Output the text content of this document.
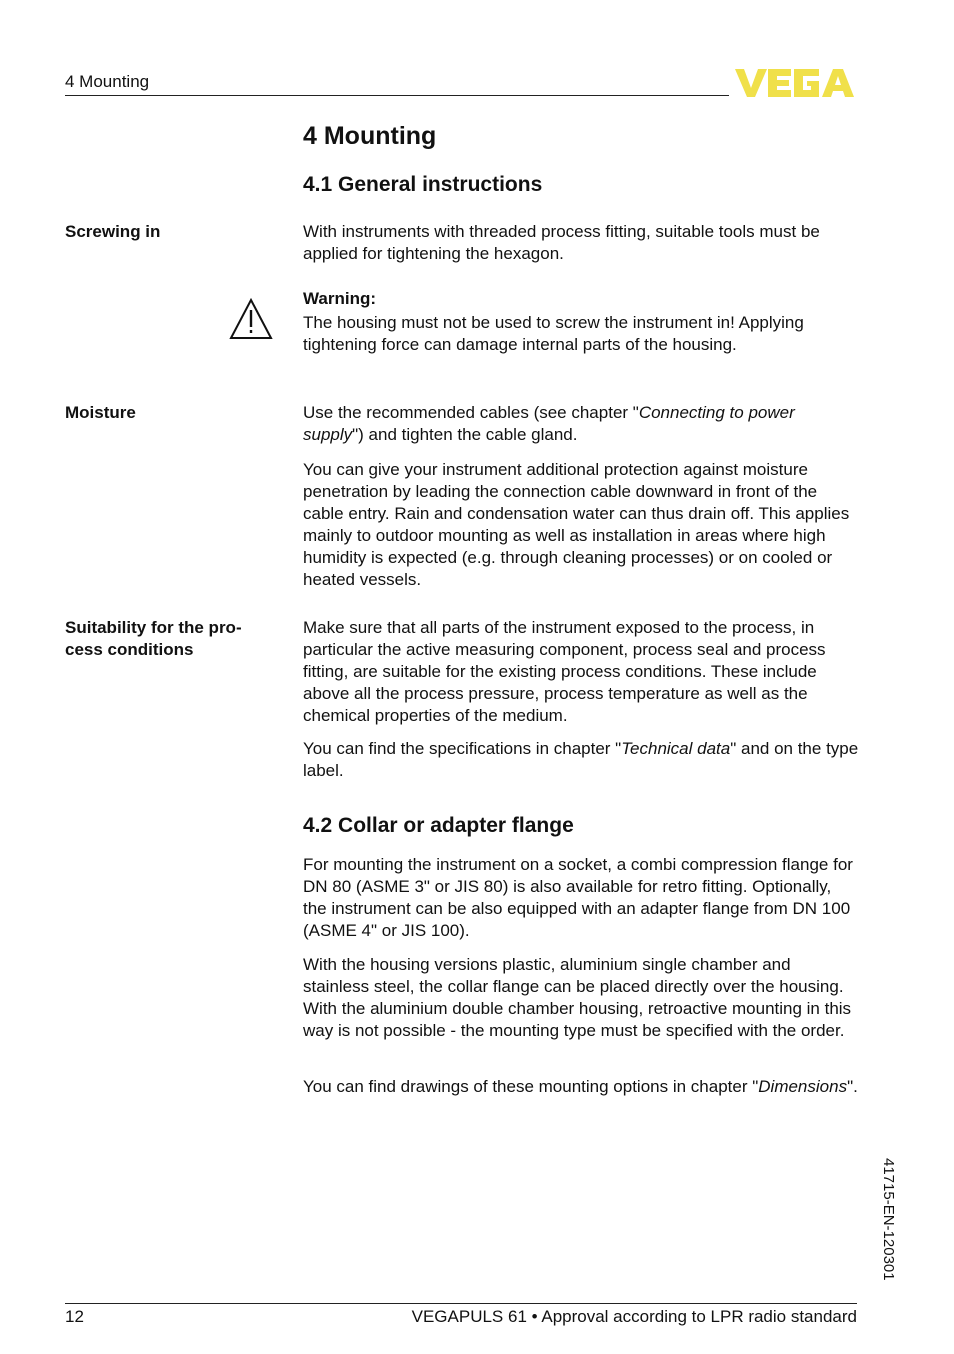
4 Mounting
4 Mounting
4.1 General instructions
Screwing in	With instruments with threaded process fitting, suitable tools must be applied for tightening the hexagon.
Warning:
The housing must not be used to screw the instrument in! Applying tightening force can damage internal parts of the housing.
Moisture	Use the recommended cables (see chapter "Connecting to power supply") and tighten the cable gland.
You can give your instrument additional protection against moisture penetration by leading the connection cable downward in front of the cable entry. Rain and condensation water can thus drain off. This applies mainly to outdoor mounting as well as installation in areas where high humidity is expected (e.g. through cleaning processes) or on cooled or heated vessels.
Suitability for the pro-
cess conditions
Make sure that all parts of the instrument exposed to the process, in particular the active measuring component, process seal and process fitting, are suitable for the existing process conditions. These include above all the process pressure, process temperature as well as the chemical properties of the medium.
You can find the specifications in chapter "Technical data" and on the type label.
4.2 Collar or adapter flange
For mounting the instrument on a socket, a combi compression flange for DN 80 (ASME 3" or JIS 80) is also available for retro fitting. Optionally, the instrument can be also equipped with an adapter flange from DN 100 (ASME 4" or JIS 100).
With the housing versions plastic, aluminium single chamber and stainless steel, the collar flange can be placed directly over the housing. With the aluminium double chamber housing, retroactive mounting in this way is not possible - the mounting type must be specified with the order.
You can find drawings of these mounting options in chapter "Dimensions".
41715-EN-120301
12	VEGAPULS 61 • Approval according to LPR radio standard
